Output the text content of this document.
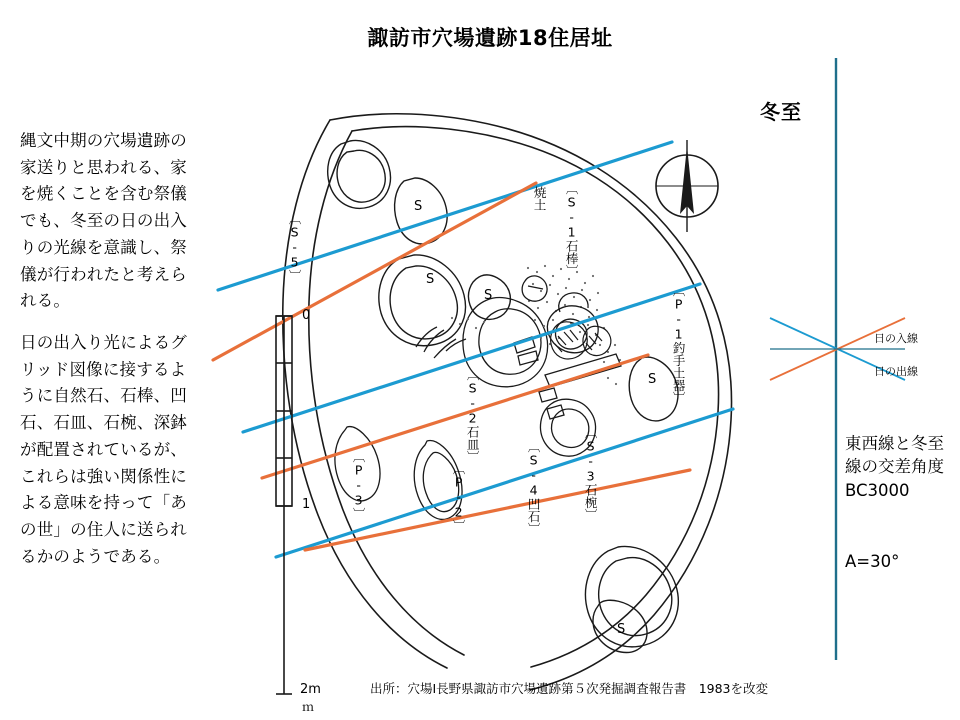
諏訪市穴場遺跡18住居址
縄文中期の穴場遺跡の家送りと思われる、家を焼くことを含む祭儀でも、冬至の日の出入りの光線を意識し、祭儀が行われたと考えられる。
日の出入り光によるグリッド図像に接するように自然石、石棒、凹石、石皿、石椀、深鉢が配置されているが、これらは強い関係性による意味を持って「あの世」の住人に送られるかのようである。
〔S-5〕	〔S-1石棒〕
焼土
〔P-1釣手土器〕
〔S-2石皿〕
〔S-3石椀〕
〔S-4凹石〕
〔P-2〕
〔P-3〕
S
S
S
S
S
0
1
2m
ｍ
冬至
日の入線
日の出線
東西線と冬至線の交差角度BC3000
A=30°
出所：穴場Ⅰ長野県諏訪市穴場遺跡第５次発掘調査報告書　1983を改変
